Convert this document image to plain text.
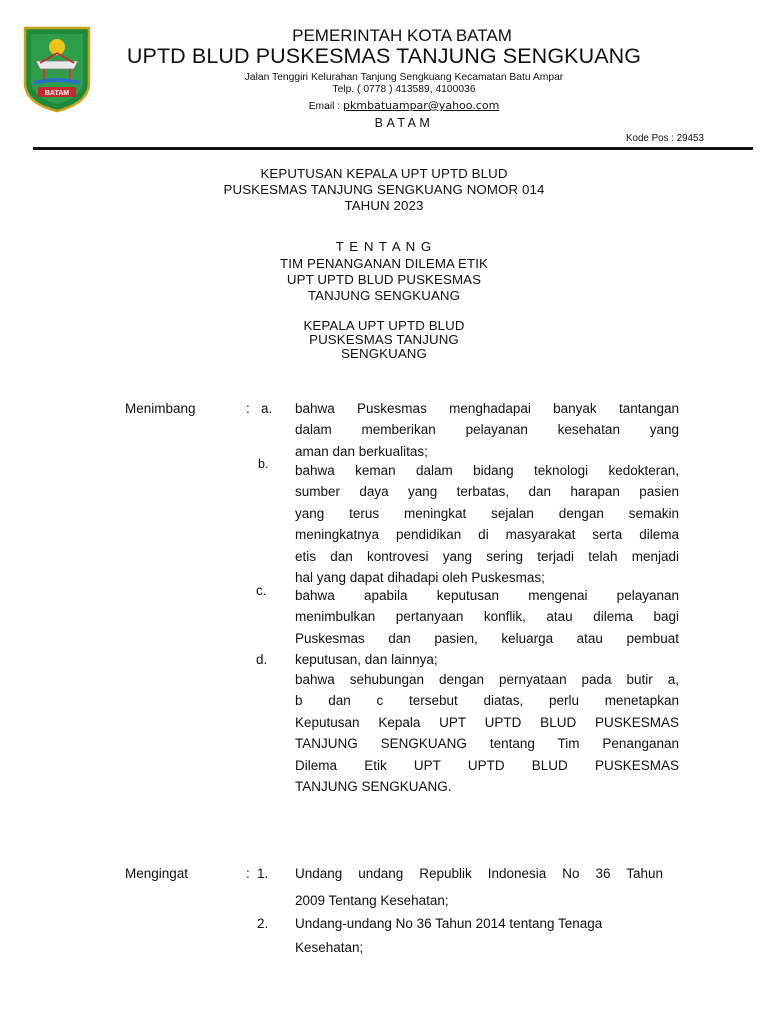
BATAM
PEMERINTAH KOTA BATAM
UPTD BLUD PUSKESMAS TANJUNG SENGKUANG
Jalan Tenggiri Kelurahan Tanjung Sengkuang Kecamatan Batu Ampar
Telp. ( 0778 ) 413589, 4100036
Email : pkmbatuampar@yahoo.com
BATAM
Kode Pos : 29453
KEPUTUSAN KEPALA UPT UPTD BLUD
PUSKESMAS TANJUNG SENGKUANG NOMOR 014
TAHUN 2023
T E N T A N G
TIM PENANGANAN DILEMA ETIK
UPT UPTD BLUD PUSKESMAS
TANJUNG SENGKUANG
KEPALA UPT UPTD BLUD
PUSKESMAS TANJUNG
SENGKUANG
Menimbang	: a. bahwa Puskesmas menghadapai banyak tantangan
dalam memberikan pelayanan kesehatan yang
aman dan berkualitas;
b. bahwa keman dalam bidang teknologi kedokteran,
sumber daya yang terbatas, dan harapan pasien
yang terus meningkat sejalan dengan semakin
meningkatnya pendidikan di masyarakat serta dilema
etis dan kontrovesi yang sering terjadi telah menjadi
hal yang dapat dihadapi oleh Puskesmas;
c. bahwa apabila keputusan mengenai pelayanan
menimbulkan pertanyaan konflik, atau dilema bagi
Puskesmas dan pasien, keluarga atau pembuat
keputusan, dan lainnya;
d.
bahwa sehubungan dengan pernyataan pada butir a,
b dan c tersebut diatas, perlu menetapkan
Keputusan Kepala UPT UPTD BLUD PUSKESMAS
TANJUNG SENGKUANG tentang Tim Penanganan
Dilema Etik UPT UPTD BLUD PUSKESMAS
TANJUNG SENGKUANG.
Mengingat	: 1. Undang undang Republik Indonesia No 36 Tahun
2009 Tentang Kesehatan;
2. Undang-undang No 36 Tahun 2014 tentang Tenaga
Kesehatan;
